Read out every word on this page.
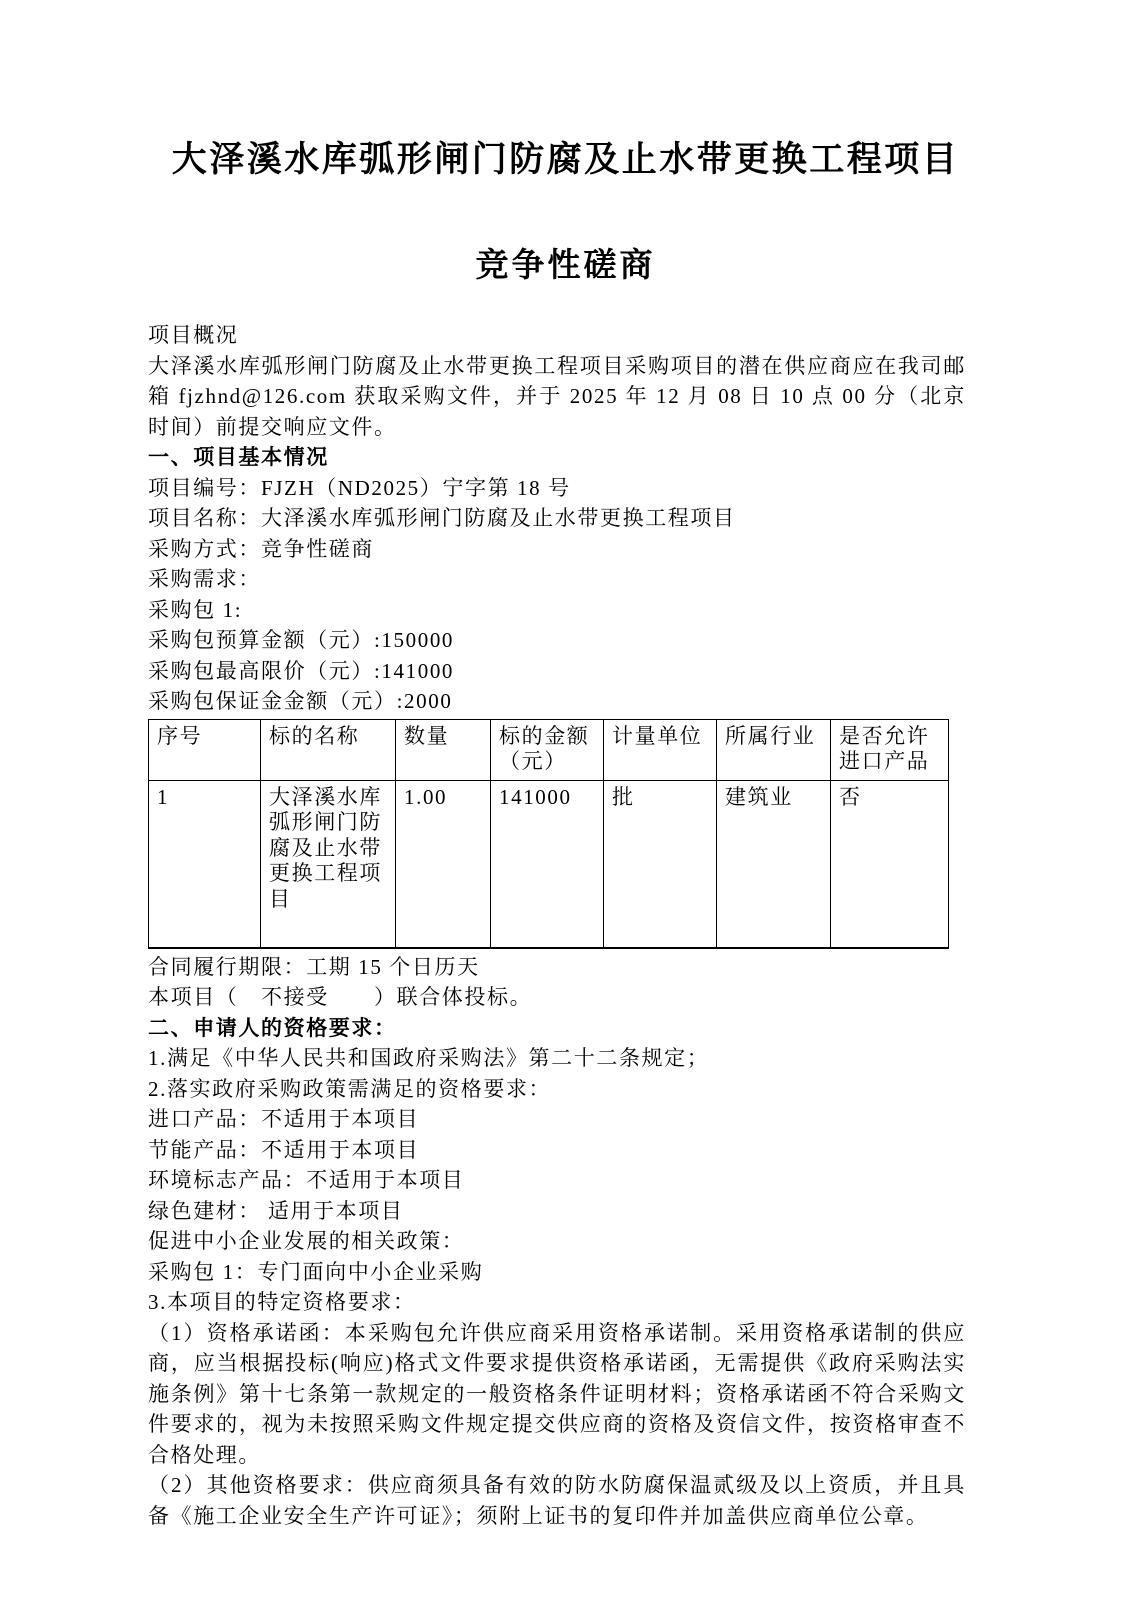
大泽溪水库弧形闸门防腐及止水带更换工程项目
竞争性磋商

项目概况

大泽溪水库弧形闸门防腐及止水带更换工程项目采购项目的潜在供应商应在我司邮箱 fjzhnd@126.com 获取采购文件，并于 2025 年 12 月 08 日 10 点 00 分（北京时间）前提交响应文件。

一、项目基本情况

项目编号：FJZH（ND2025）宁字第 18 号

项目名称：大泽溪水库弧形闸门防腐及止水带更换工程项目

采购方式：竞争性磋商

采购需求：

采购包 1:

采购包预算金额（元）:150000

采购包最高限价（元）:141000

采购包保证金金额（元）:2000

序号	标的名称	数量	标的金额（元）	计量单位	所属行业	是否允许进口产品
1	大泽溪水库弧形闸门防腐及止水带更换工程项目	1.00	141000	批	建筑业	否

合同履行期限：工期 15 个日历天

本项目（　不接受　　）联合体投标。

二、申请人的资格要求：

1.满足《中华人民共和国政府采购法》第二十二条规定；

2.落实政府采购政策需满足的资格要求：

进口产品：不适用于本项目

节能产品：不适用于本项目

环境标志产品：不适用于本项目

绿色建材： 适用于本项目

促进中小企业发展的相关政策：

采购包 1：专门面向中小企业采购

3.本项目的特定资格要求：

（1）资格承诺函：本采购包允许供应商采用资格承诺制。采用资格承诺制的供应商，应当根据投标(响应)格式文件要求提供资格承诺函，无需提供《政府采购法实施条例》第十七条第一款规定的一般资格条件证明材料；资格承诺函不符合采购文件要求的，视为未按照采购文件规定提交供应商的资格及资信文件，按资格审查不合格处理。

（2）其他资格要求：供应商须具备有效的防水防腐保温贰级及以上资质，并且具备《施工企业安全生产许可证》；须附上证书的复印件并加盖供应商单位公章。
